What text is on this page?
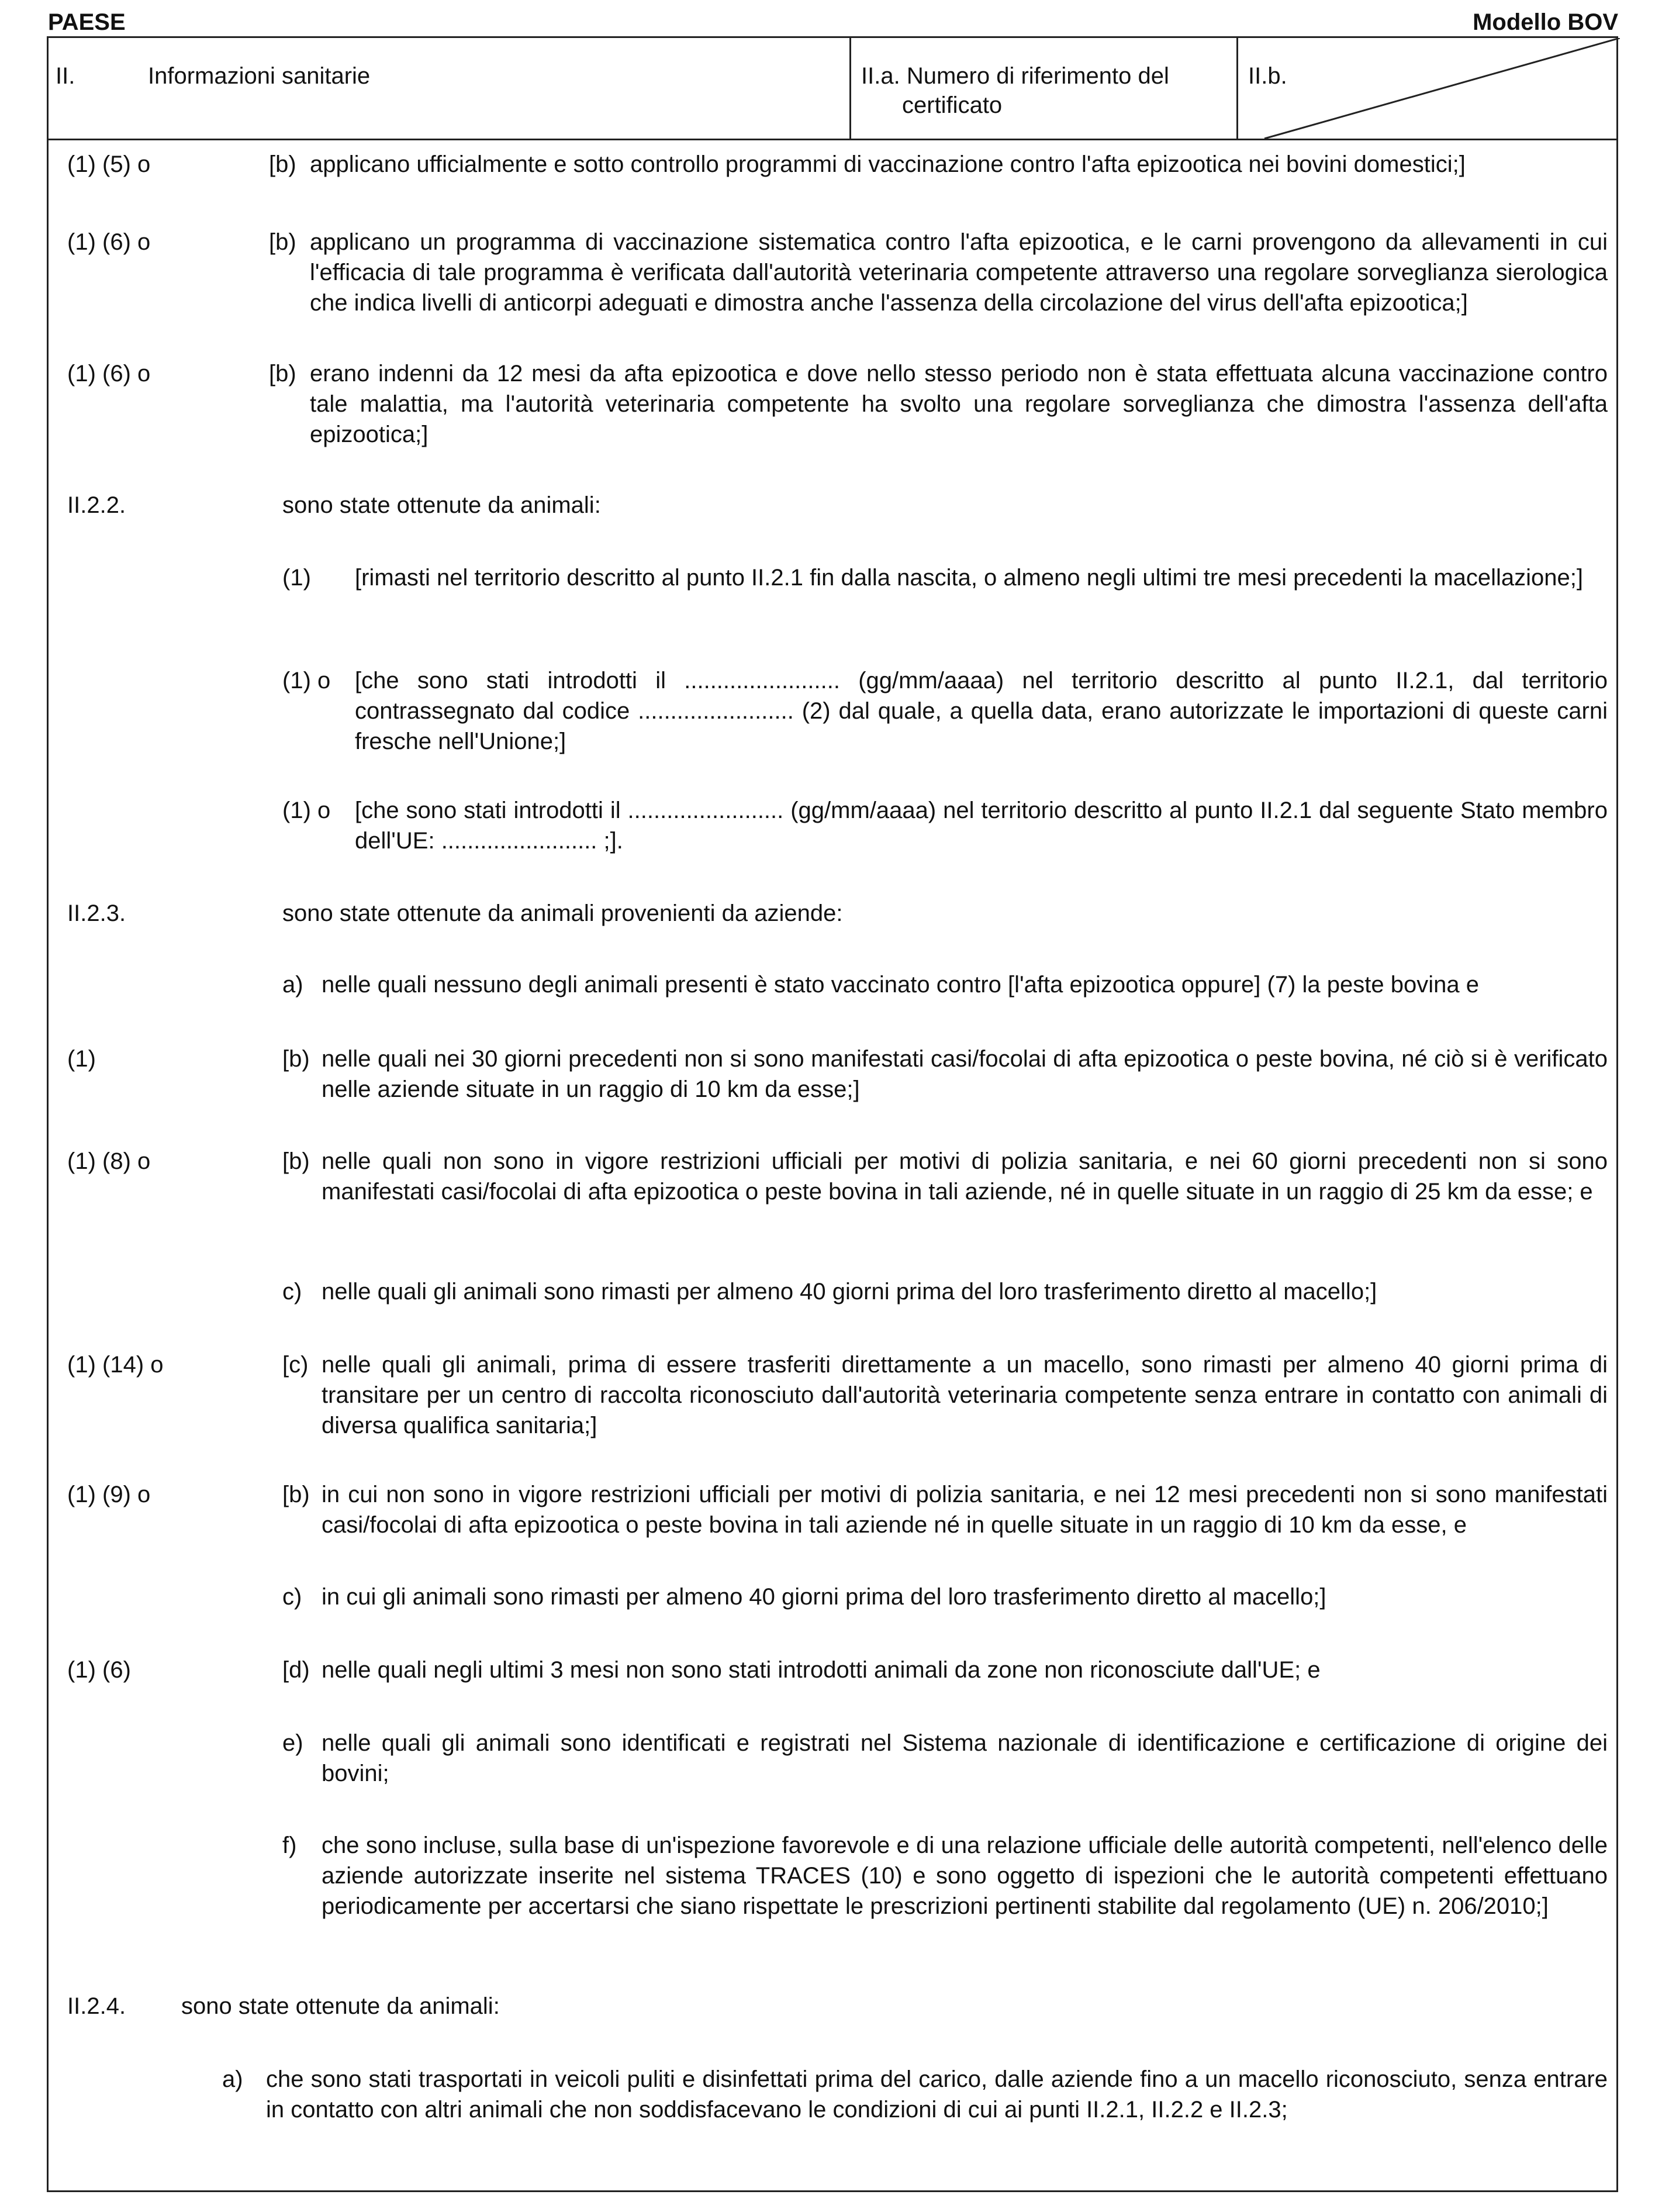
PAESE	Modello BOV
II.	Informazioni sanitarie	II.a. Numero di riferimento del
certificato
II.b.
(1) (5) o	[b) applicano ufficialmente e sotto controllo programmi di vaccinazione contro l'afta epizootica nei bovini domestici;]
(1) (6) o	[b) applicano un programma di vaccinazione sistematica contro l'afta epizootica, e le carni provengono da allevamenti in cui l'efficacia di tale programma è verificata dall'autorità veterinaria competente attraverso una regolare sorveglianza sierologica che indica livelli di anticorpi adeguati e dimostra anche l'assenza della circolazione del virus dell'afta epizootica;]
(1) (6) o	[b) erano indenni da 12 mesi da afta epizootica e dove nello stesso periodo non è stata effettuata alcuna vaccinazione contro tale malattia, ma l'autorità veterinaria competente ha svolto una regolare sorveglianza che dimostra l'assenza dell'afta epizootica;]
II.2.2.	sono state ottenute da animali:
(1) [rimasti nel territorio descritto al punto II.2.1 fin dalla nascita, o almeno negli ultimi tre mesi precedenti la macellazione;]
(1) o [che sono stati introdotti il ........................ (gg/mm/aaaa) nel territorio descritto al punto II.2.1, dal territorio contrassegnato dal codice ........................ (2) dal quale, a quella data, erano autorizzate le importazioni di queste carni fresche nell'Unione;]
(1) o [che sono stati introdotti il ........................ (gg/mm/aaaa) nel territorio descritto al punto II.2.1 dal seguente Stato membro dell'UE: ........................ ;].
II.2.3.	sono state ottenute da animali provenienti da aziende:
a) nelle quali nessuno degli animali presenti è stato vaccinato contro [l'afta epizootica oppure] (7) la peste bovina e
(1)	[b) nelle quali nei 30 giorni precedenti non si sono manifestati casi/focolai di afta epizootica o peste bovina, né ciò si è verificato nelle aziende situate in un raggio di 10 km da esse;]
(1) (8) o	[b) nelle quali non sono in vigore restrizioni ufficiali per motivi di polizia sanitaria, e nei 60 giorni precedenti non si sono manifestati casi/focolai di afta epizootica o peste bovina in tali aziende, né in quelle situate in un raggio di 25 km da esse; e
c) nelle quali gli animali sono rimasti per almeno 40 giorni prima del loro trasferimento diretto al macello;]
(1) (14) o	[c) nelle quali gli animali, prima di essere trasferiti direttamente a un macello, sono rimasti per almeno 40 giorni prima di transitare per un centro di raccolta riconosciuto dall'autorità veterinaria competente senza entrare in contatto con animali di diversa qualifica sanitaria;]
(1) (9) o	[b) in cui non sono in vigore restrizioni ufficiali per motivi di polizia sanitaria, e nei 12 mesi precedenti non si sono manifestati casi/focolai di afta epizootica o peste bovina in tali aziende né in quelle situate in un raggio di 10 km da esse, e
c) in cui gli animali sono rimasti per almeno 40 giorni prima del loro trasferimento diretto al macello;]
(1) (6)	[d) nelle quali negli ultimi 3 mesi non sono stati introdotti animali da zone non riconosciute dall'UE; e
e) nelle quali gli animali sono identificati e registrati nel Sistema nazionale di identificazione e certificazione di origine dei bovini;
f) che sono incluse, sulla base di un'ispezione favorevole e di una relazione ufficiale delle autorità competenti, nell'elenco delle aziende autorizzate inserite nel sistema TRACES (10) e sono oggetto di ispezioni che le autorità competenti effettuano periodicamente per accertarsi che siano rispettate le prescrizioni pertinenti stabilite dal regolamento (UE) n. 206/2010;]
II.2.4. sono state ottenute da animali:
a) che sono stati trasportati in veicoli puliti e disinfettati prima del carico, dalle aziende fino a un macello riconosciuto, senza entrare in contatto con altri animali che non soddisfacevano le condizioni di cui ai punti II.2.1, II.2.2 e II.2.3;
